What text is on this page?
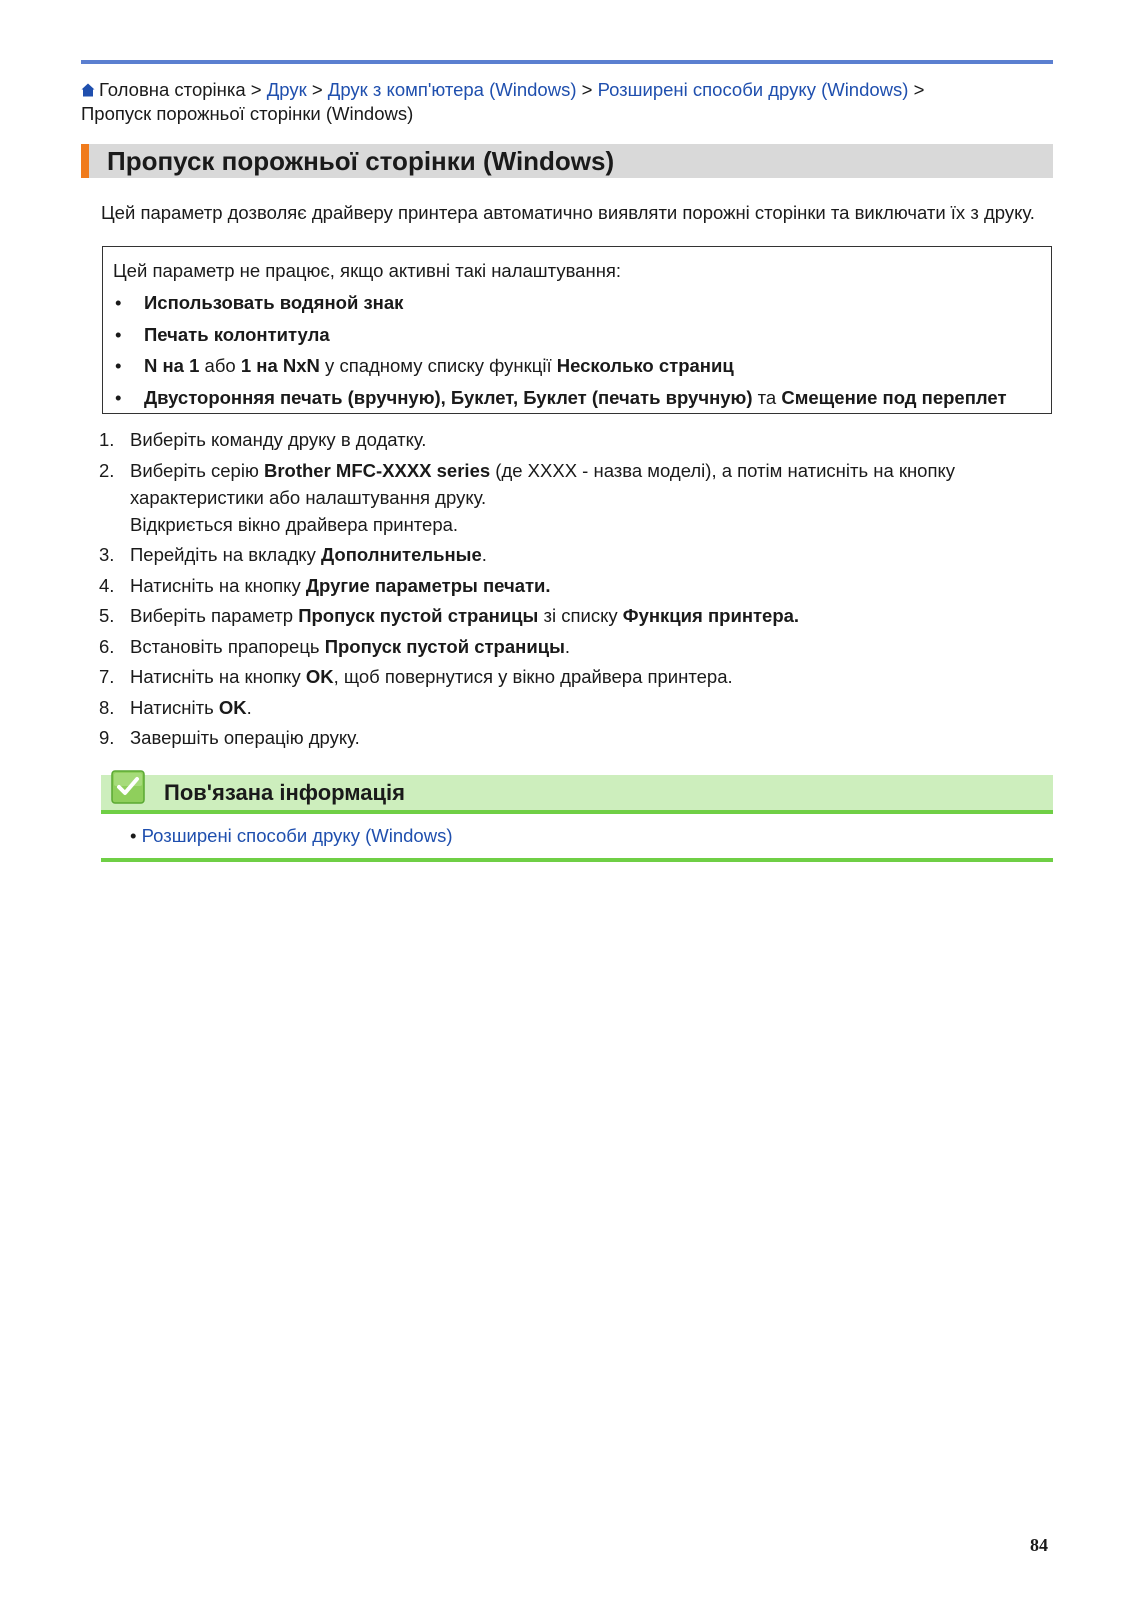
Головна сторінка > Друк > Друк з комп'ютера (Windows) > Розширені способи друку (Windows) >
Пропуск порожньої сторінки (Windows)
Пропуск порожньої сторінки (Windows)

Цей параметр дозволяє драйверу принтера автоматично виявляти порожні сторінки та виключати їх з друку.

Цей параметр не працює, якщо активні такі налаштування:
• Использовать водяной знак
• Печать колонтитула
• N на 1 або 1 на NxN у спадному списку функції Несколько страниц
• Двусторонняя печать (вручную), Буклет, Буклет (печать вручную) та Смещение под переплет
1. Виберіть команду друку в додатку.
2. Виберіть серію Brother MFC-XXXX series (де XXXX - назва моделі), а потім натисніть на кнопку характеристики або налаштування друку.
Відкриється вікно драйвера принтера.
3. Перейдіть на вкладку Дополнительные.
4. Натисніть на кнопку Другие параметры печати.
5. Виберіть параметр Пропуск пустой страницы зі списку Функция принтера.
6. Встановіть прапорець Пропуск пустой страницы.
7. Натисніть на кнопку OK, щоб повернутися у вікно драйвера принтера.
8. Натисніть OK.
9. Завершіть операцію друку.
Пов'язана інформація
• Розширені способи друку (Windows)
84
